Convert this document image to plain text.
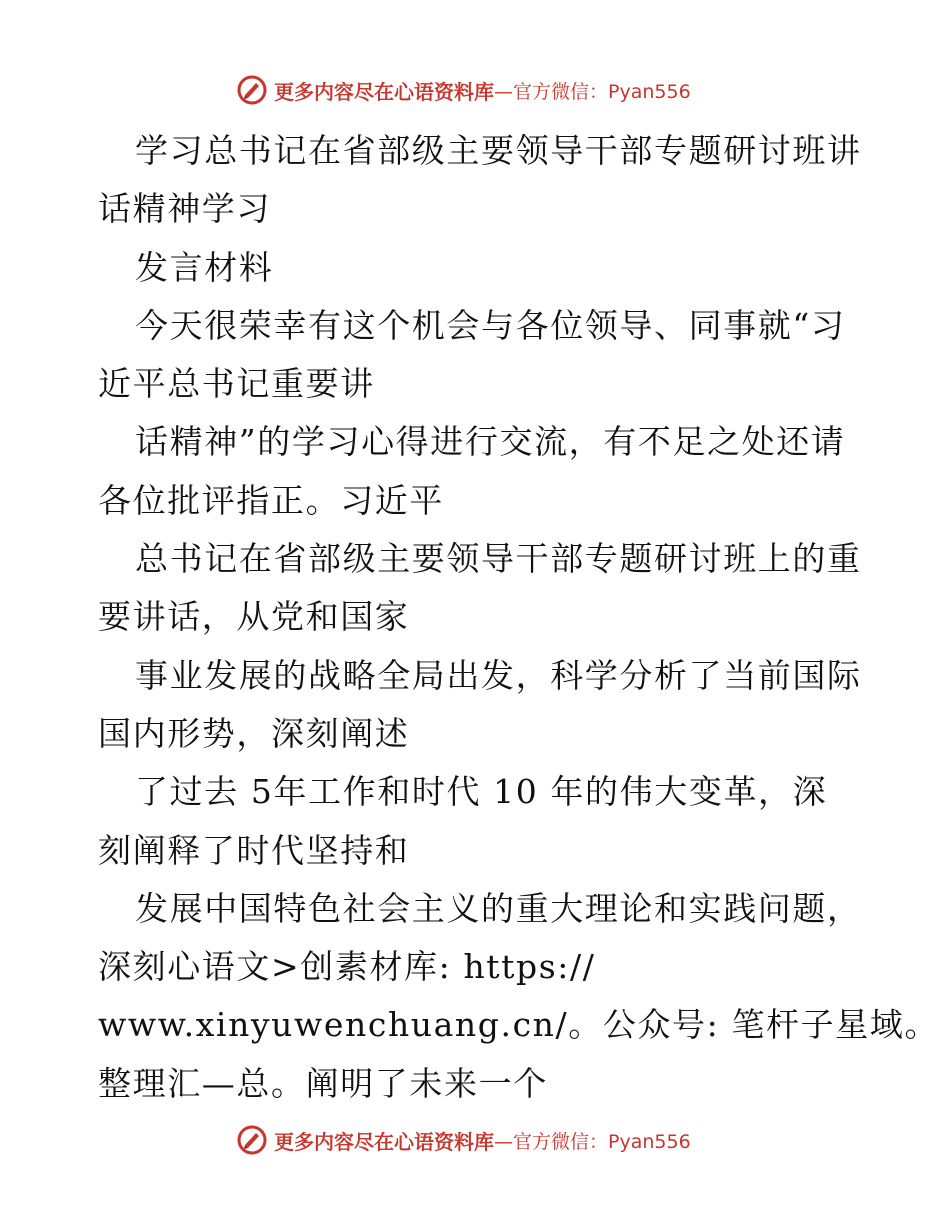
更多内容尽在心语资料库 —官方微信：Pyan556

学习总书记在省部级主要领导干部专题研讨班讲

话精神学习

发言材料

今天很荣幸有这个机会与各位领导、同事就“习

近平总书记重要讲

话精神”的学习心得进行交流，有不足之处还请

各位批评指正。习近平

总书记在省部级主要领导干部专题研讨班上的重

要讲话，从党和国家

事业发展的战略全局出发，科学分析了当前国际

国内形势，深刻阐述

了过去 5年工作和时代 10 年的伟大变革，深

刻阐释了时代坚持和

发展中国特色社会主义的重大理论和实践问题，

深刻心语文>创素材库: https://

www.xinyuwenchuang.cn/。公众号: 笔杆子星域。

整理汇—总。阐明了未来一个

更多内容尽在心语资料库 —官方微信：Pyan556
